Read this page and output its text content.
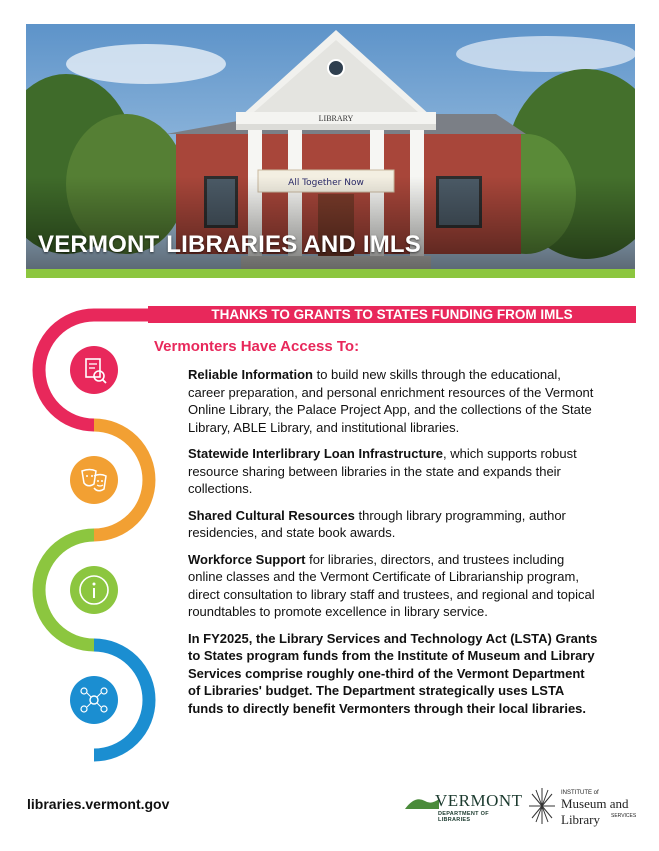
VERMONT LIBRARIES AND IMLS
THANKS TO GRANTS TO STATES FUNDING FROM IMLS
Vermonters Have Access To:

Reliable Information to build new skills through the educational, career preparation, and personal enrichment resources of the Vermont Online Library, the Palace Project App, and the collections of the State Library, ABLE Library, and institutional libraries.

Statewide Interlibrary Loan Infrastructure, which supports robust resource sharing between libraries in the state and expands their collections.

Shared Cultural Resources through library programming, author residencies, and state book awards.

Workforce Support for libraries, directors, and trustees including online classes and the Vermont Certificate of Librarianship program, direct consultation to library staff and trustees, and regional and topical roundtables to promote excellence in library service.

In FY2025, the Library Services and Technology Act (LSTA) Grants to States program funds from the Institute of Museum and Library Services comprise roughly one-third of the Vermont Department of Libraries' budget. The Department strategically uses LSTA funds to directly benefit Vermonters through their local libraries.

libraries.vermont.gov	VERMONT
DEPARTMENT OF LIBRARIES
INSTITUTE of
Museum and Library	SERVICES
